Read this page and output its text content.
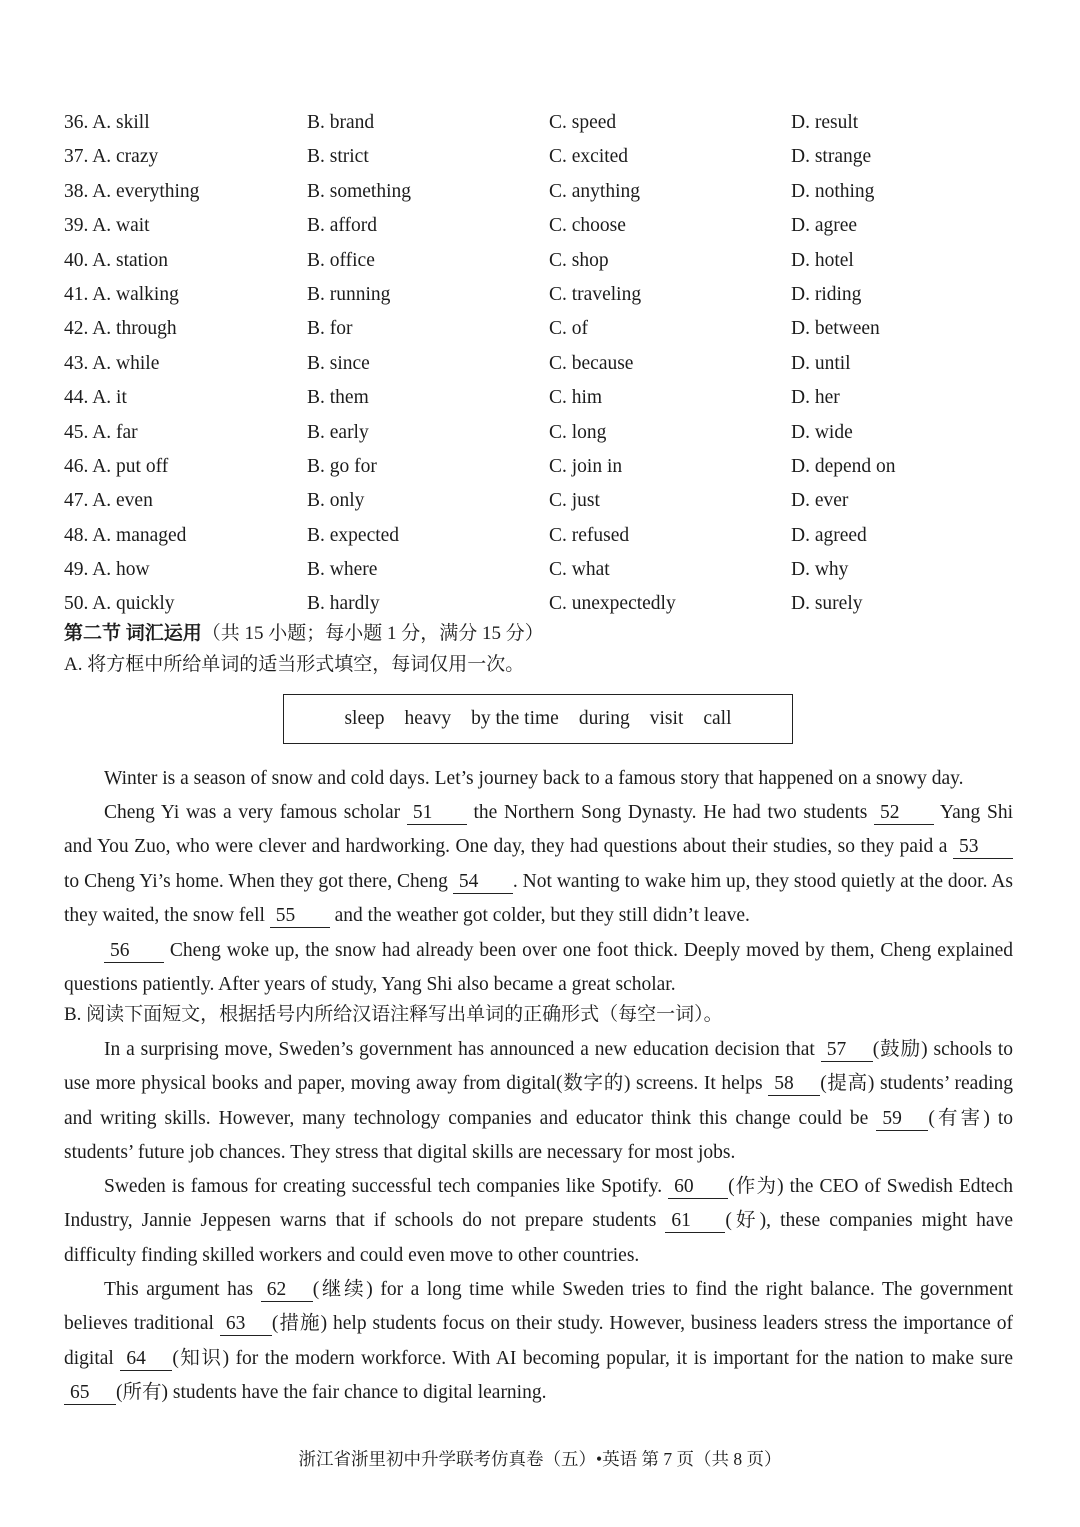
36. A. skill	B. brand	C. speed	D. result
37. A. crazy	B. strict	C. excited	D. strange
38. A. everything	B. something	C. anything	D. nothing
39. A. wait	B. afford	C. choose	D. agree
40. A. station	B. office	C. shop	D. hotel
41. A. walking	B. running	C. traveling	D. riding
42. A. through	B. for	C. of	D. between
43. A. while	B. since	C. because	D. until
44. A. it	B. them	C. him	D. her
45. A. far	B. early	C. long	D. wide
46. A. put off	B. go for	C. join in	D. depend on
47. A. even	B. only	C. just	D. ever
48. A. managed	B. expected	C. refused	D. agreed
49. A. how	B. where	C. what	D. why
50. A. quickly	B. hardly	C. unexpectedly	D. surely
第二节 词汇运用（共 15 小题；每小题 1 分，满分 15 分）
A. 将方框中所给单词的适当形式填空，每词仅用一次。
sleep heavy by the time during visit call

Winter is a season of snow and cold days. Let’s journey back to a famous story that happened on a snowy day.

Cheng Yi was a very famous scholar 51 the Northern Song Dynasty. He had two students 52 Yang Shi and You Zuo, who were clever and hardworking. One day, they had questions about their studies, so they paid a 53 to Cheng Yi’s home. When they got there, Cheng 54 . Not wanting to wake him up, they stood quietly at the door. As they waited, the snow fell 55 and the weather got colder, but they still didn’t leave.

56 Cheng woke up, the snow had already been over one foot thick. Deeply moved by them, Cheng explained questions patiently. After years of study, Yang Shi also became a great scholar.

B. 阅读下面短文，根据括号内所给汉语注释写出单词的正确形式（每空一词）。

In a surprising move, Sweden’s government has announced a new education decision that 57 (鼓励) schools to use more physical books and paper, moving away from digital(数字的) screens. It helps 58 (提高) students’ reading and writing skills. However, many technology companies and educator think this change could be 59 (有害) to students’ future job chances. They stress that digital skills are necessary for most jobs.

Sweden is famous for creating successful tech companies like Spotify. 60 (作为) the CEO of Swedish Edtech Industry, Jannie Jeppesen warns that if schools do not prepare students 61 (好), these companies might have difficulty finding skilled workers and could even move to other countries.

This argument has 62 (继续) for a long time while Sweden tries to find the right balance. The government believes traditional 63 (措施) help students focus on their study. However, business leaders stress the importance of digital 64 (知识) for the modern workforce. With AI becoming popular, it is important for the nation to make sure 65 (所有) students have the fair chance to digital learning.

浙江省浙里初中升学联考仿真卷（五）•英语 第 7 页（共 8 页）
